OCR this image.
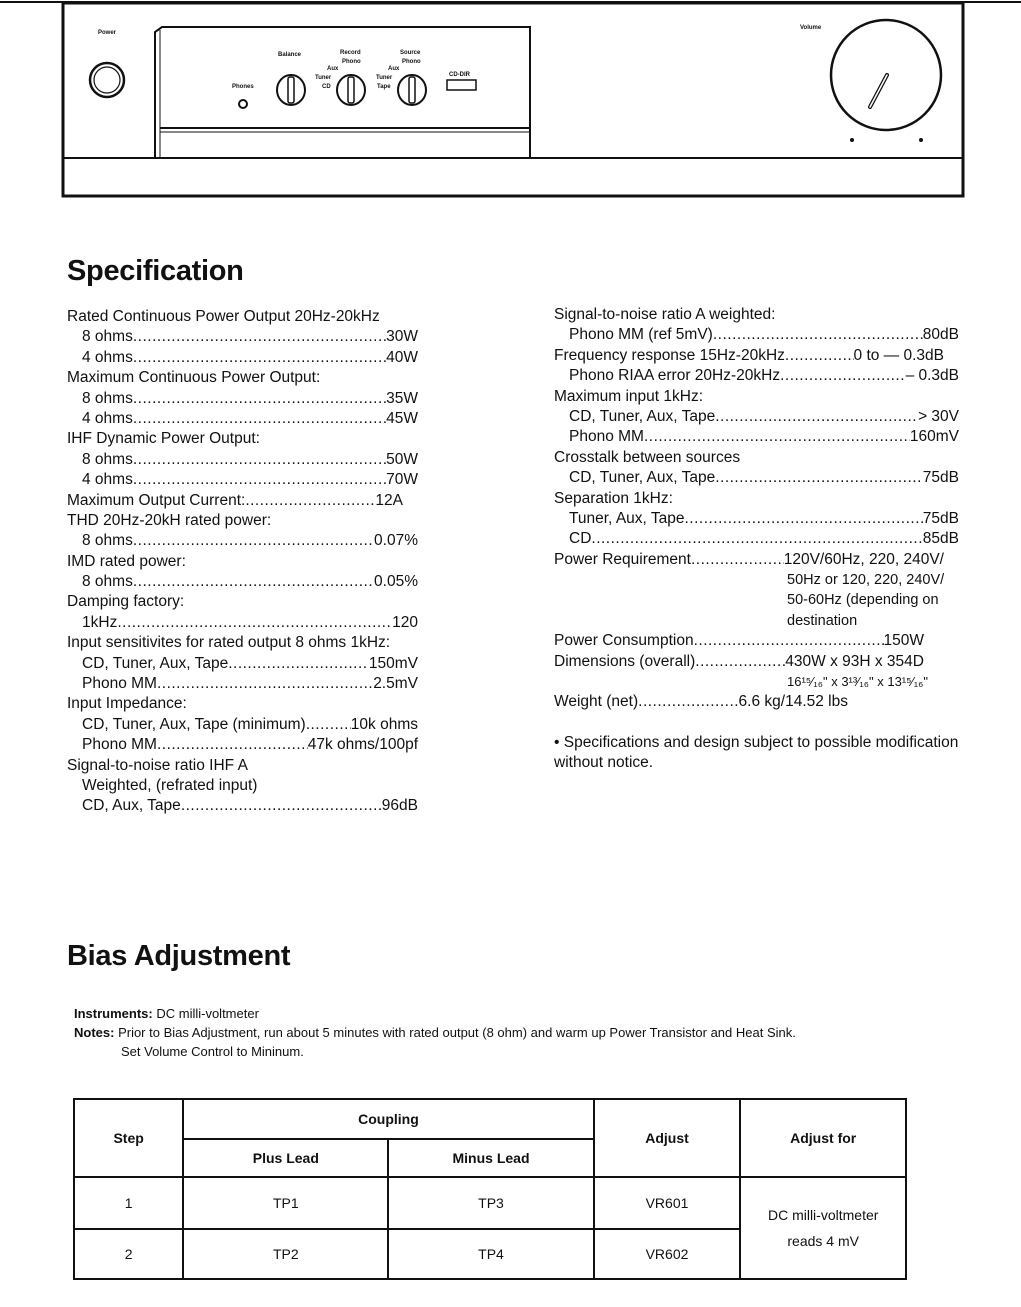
Power
Phones
Balance	Record
Phono
Aux
Tuner
CD
Source
Phono
Aux
Tuner
Tape
CD-DIR
Volume
Specification
Rated Continuous Power Output 20Hz-20kHz
8 ohms .....	30W
4 ohms .....	40W
Maximum Continuous Power Output:
8 ohms .....	35W
4 ohms .....	45W
IHF Dynamic Power Output:
8 ohms .....	50W
4 ohms .....	70W
Maximum Output Current: .....	12A
THD 20Hz-20kH rated power:
8 ohms .....	0.07%
IMD rated power:
8 ohms .....	0.05%
Damping factory:
1kHz .....	120
Input sensitivites for rated output 8 ohms 1kHz:
CD, Tuner, Aux, Tape .....	150mV
Phono MM .....	2.5mV
Input Impedance:
CD, Tuner, Aux, Tape (minimum) .....	10k ohms
Phono MM .....	47k ohms/100pf
Signal-to-noise ratio IHF A
Weighted, (refrated input)
CD, Aux, Tape .....	96dB
Signal-to-noise ratio A weighted:
Phono MM (ref 5mV) .....	80dB
Frequency response 15Hz-20kHz .....	0 to — 0.3dB
Phono RIAA error 20Hz-20kHz .....	– 0.3dB
Maximum input 1kHz:
CD, Tuner, Aux, Tape .....	> 30V
Phono MM .....	160mV
Crosstalk between sources
CD, Tuner, Aux, Tape .....	75dB
Separation 1kHz:
Tuner, Aux, Tape .....	75dB
CD .....	85dB
Power Requirement .....	120V/60Hz, 220, 240V/
50Hz or 120, 220, 240V/
50-60Hz (depending on
destination
Power Consumption .....	150W
Dimensions (overall) .....	430W x 93H x 354D
16¹⁵⁄₁₆" x 3¹³⁄₁₆" x 13¹⁵⁄₁₆"
Weight (net) .....	6.6 kg/14.52 lbs
• Specifications and design subject to possible modification
without notice.
Bias Adjustment
Instruments: DC milli-voltmeter
Notes: Prior to Bias Adjustment, run about 5 minutes with rated output (8 ohm) and warm up Power Transistor and Heat Sink.
Set Volume Control to Mininum.
Step	Coupling		Adjust	Adjust for
	Plus Lead	Minus Lead		
1	TP1	TP3	VR601	DC milli-voltmeter
reads 4 mV

2	TP2	TP4	VR602	
